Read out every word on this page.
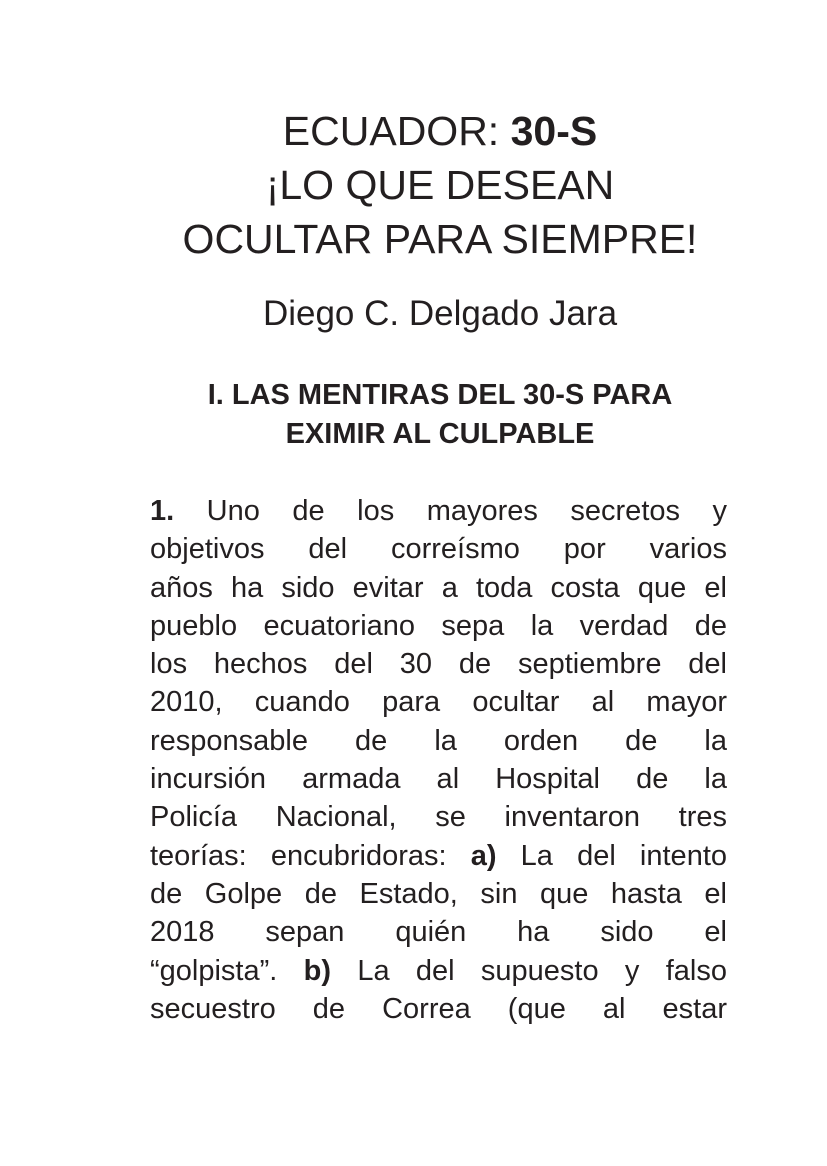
ECUADOR: 30-S
¡LO QUE DESEAN
OCULTAR PARA SIEMPRE!
Diego C. Delgado Jara
I. LAS MENTIRAS DEL 30-S PARA
EXIMIR AL CULPABLE
1. Uno de los mayores secretos y
objetivos del correísmo por varios
años ha sido evitar a toda costa que el
pueblo ecuatoriano sepa la verdad de
los hechos del 30 de septiembre del
2010, cuando para ocultar al mayor
responsable de la orden de la
incursión armada al Hospital de la
Policía Nacional, se inventaron tres
teorías: encubridoras: a) La del intento
de Golpe de Estado, sin que hasta el
2018 sepan quién ha sido el
“golpista”. b) La del supuesto y falso
secuestro de Correa (que al estar
